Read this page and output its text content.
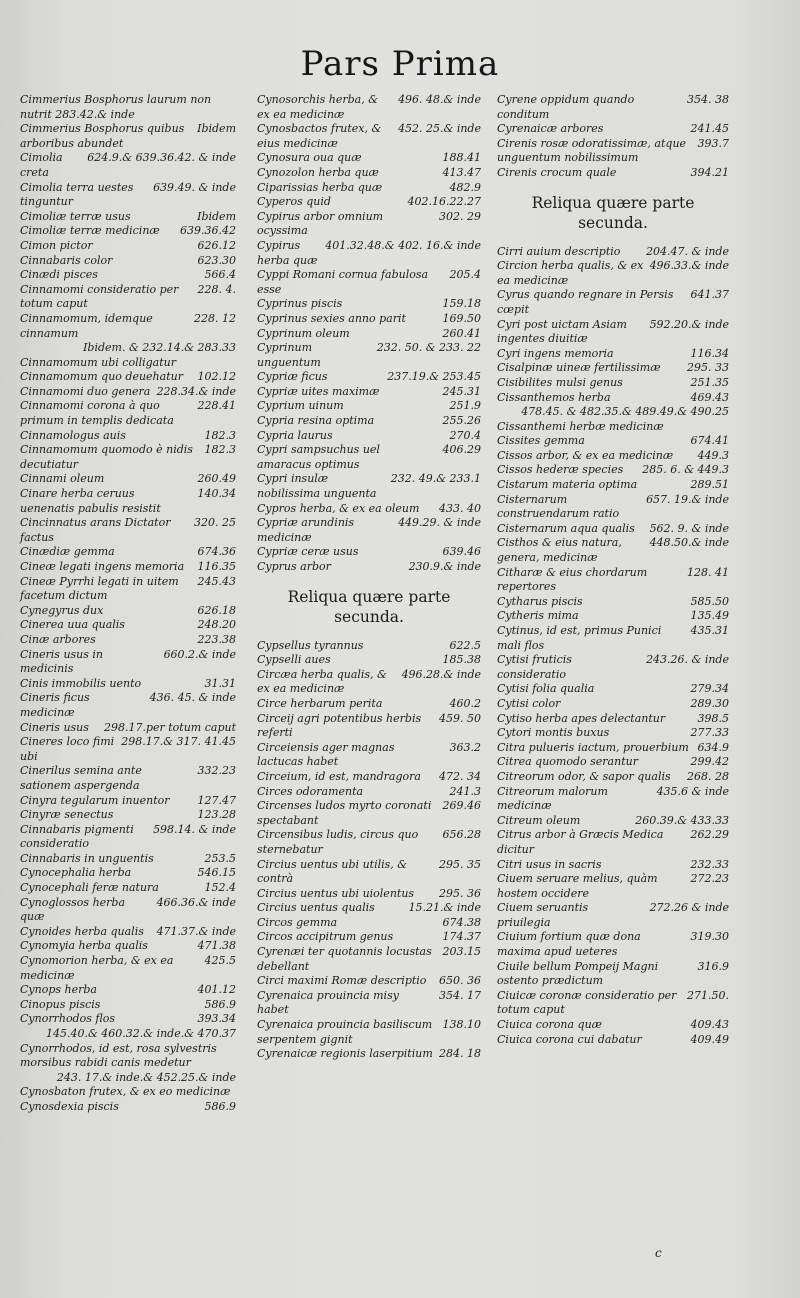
Pars Prima
Cimmerius Bosphorus laurum non nutrit 283.42.& inde
Ibidem
Cimmerius Bosphorus quibus arboribus abundet
624.9.& 639.36.42. & inde
Cimolia creta
639.49. & inde
Cimolia terra uestes tinguntur
Ibidem
Cimoliæ terræ usus
639.36.42
Cimoliæ terræ medicinæ
626.12
Cimon pictor
623.30
Cinnabaris color
566.4
Cinædi pisces
228. 4.
Cinnamomi consideratio per totum caput
228. 12
Cinnamomum, idemque cinnamum
Ibidem. & 232.14.& 283.33
Cinnamomum ubi colligatur
102.12
Cinnamomum quo deuehatur
228.34.& inde
Cinnamomi duo genera
228.41
Cinnamomi corona à quo primum in templis dedicata
182.3
Cinnamologus auis
182.3
Cinnamomum quomodo è nidis decutiatur
260.49
Cinnami oleum
140.34
Cinare herba ceruus uenenatis pabulis resistit
320. 25
Cincinnatus arans Dictator factus
674.36
Cinædiæ gemma
116.35
Cineæ legati ingens memoria
245.43
Cineæ Pyrrhi legati in uitem facetum dictum
626.18
Cynegyrus dux
248.20
Cinerea uua qualis
223.38
Cinæ arbores
660.2.& inde
Cineris usus in medicinis
31.31
Cinis immobilis uento
436. 45. & inde
Cineris ficus medicinæ
298.17.per totum caput
Cineris usus
298.17.& 317. 41.45
Cineres loco fimi ubi
332.23
Cinerilus semina ante sationem aspergenda
127.47
Cinyra tegularum inuentor
123.28
Cinyræ senectus
598.14. & inde
Cinnabaris pigmenti consideratio
253.5
Cinnabaris in unguentis
546.15
Cynocephalia herba
152.4
Cynocephali feræ natura
466.36.& inde
Cynoglossos herba quæ
471.37.& inde
Cynoides herba qualis
471.38
Cynomyia herba qualis
425.5
Cynomorion herba, & ex ea medicinæ
401.12
Cynops herba
586.9
Cinopus piscis
393.34
Cynorrhodos flos
145.40.& 460.32.& inde.& 470.37
Cynorrhodos, id est, rosa sylvestris morsibus rabidi canis medetur
243. 17.& inde.& 452.25.& inde
Cynosbaton frutex, & ex eo medicinæ
586.9
Cynosdexia piscis
496. 48.& inde
Cynosorchis herba, & ex ea medicinæ
452. 25.& inde
Cynosbactos frutex, & eius medicinæ
188.41
Cynosura oua quæ
413.47
Cynozolon herba quæ
482.9
Ciparissias herba quæ
402.16.22.27
Cyperos quid
302. 29
Cypirus arbor omnium ocyssima
401.32.48.& 402. 16.& inde
Cypirus herba quæ
205.4
Cyppi Romani cornua fabulosa esse
159.18
Cyprinus piscis
169.50
Cyprinus sexies anno parit
260.41
Cyprinum oleum
232. 50. & 233. 22
Cyprinum unguentum
237.19.& 253.45
Cypriæ ficus
245.31
Cypriæ uites maximæ
251.9
Cyprium uinum
255.26
Cypria resina optima
270.4
Cypria laurus
406.29
Cypri sampsuchus uel amaracus optimus
232. 49.& 233.1
Cypri insulæ nobilissima unguenta
433. 40
Cypros herba, & ex ea oleum
449.29. & inde
Cypriæ arundinis medicinæ
639.46
Cypriæ ceræ usus
230.9.& inde
Cyprus arbor
Reliqua quære parte secunda.
622.5
Cypsellus tyrannus
185.38
Cypselli aues
496.28.& inde
Circæa herba qualis, & ex ea medicinæ
460.2
Circe herbarum perita
459. 50
Circeij agri potentibus herbis referti
363.2
Circeiensis ager magnas lactucas habet
472. 34
Circeium, id est, mandragora
241.3
Circes odoramenta
269.46
Circenses ludos myrto coronati spectabant
656.28
Circensibus ludis, circus quo sternebatur
295. 35
Circius uentus ubi utilis, & contrà
295. 36
Circius uentus ubi uiolentus
15.21.& inde
Circius uentus qualis
674.38
Circos gemma
174.37
Circos accipitrum genus
203.15
Cyrenæi ter quotannis locustas debellant
650. 36
Circi maximi Romæ descriptio
354. 17
Cyrenaica prouincia misy habet
138.10
Cyrenaica prouincia basiliscum serpentem gignit
284. 18
Cyrenaicæ regionis laserpitium
354. 38
Cyrene oppidum quando conditum
241.45
Cyrenaicæ arbores
393.7
Cirenis rosæ odoratissimæ, atque unguentum nobilissimum
394.21
Cirenis crocum quale
Reliqua quære parte secunda.
204.47. & inde
Cirri auium descriptio
496.33.& inde
Circion herba qualis, & ex ea medicinæ
641.37
Cyrus quando regnare in Persis cœpit
592.20.& inde
Cyri post uictam Asiam ingentes diuitiæ
116.34
Cyri ingens memoria
295. 33
Cisalpinæ uineæ fertilissimæ
251.35
Cisibilites mulsi genus
469.43
Cissanthemos herba
478.45. & 482.35.& 489.49.& 490.25
Cissanthemi herbæ medicinæ
674.41
Cissites gemma
449.3
Cissos arbor, & ex ea medicinæ
285. 6. & 449.3
Cissos hederæ species
289.51
Cistarum materia optima
657. 19.& inde
Cisternarum construendarum ratio
562. 9. & inde
Cisternarum aqua qualis
448.50.& inde
Cisthos & eius natura, genera, medicinæ
128. 41
Citharæ & eius chordarum repertores
585.50
Cytharus piscis
135.49
Cytheris mima
435.31
Cytinus, id est, primus Punici mali flos
243.26. & inde
Cytisi fruticis consideratio
279.34
Cytisi folia qualia
289.30
Cytisi color
398.5
Cytiso herba apes delectantur
277.33
Cytori montis buxus
634.9
Citra pulueris iactum, prouerbium
299.42
Citrea quomodo serantur
268. 28
Citreorum odor, & sapor qualis
435.6 & inde
Citreorum malorum medicinæ
260.39.& 433.33
Citreum oleum
262.29
Citrus arbor à Græcis Medica dicitur
232.33
Citri usus in sacris
272.23
Ciuem seruare melius, quàm hostem occidere
272.26 & inde
Ciuem seruantis priuilegia
319.30
Ciuium fortium quæ dona maxima apud ueteres
316.9
Ciuile bellum Pompeij Magni ostento prædictum
271.50.
Ciuicæ coronæ consideratio per totum caput
409.43
Ciuica corona quæ
409.49
Ciuica corona cui dabatur
c
